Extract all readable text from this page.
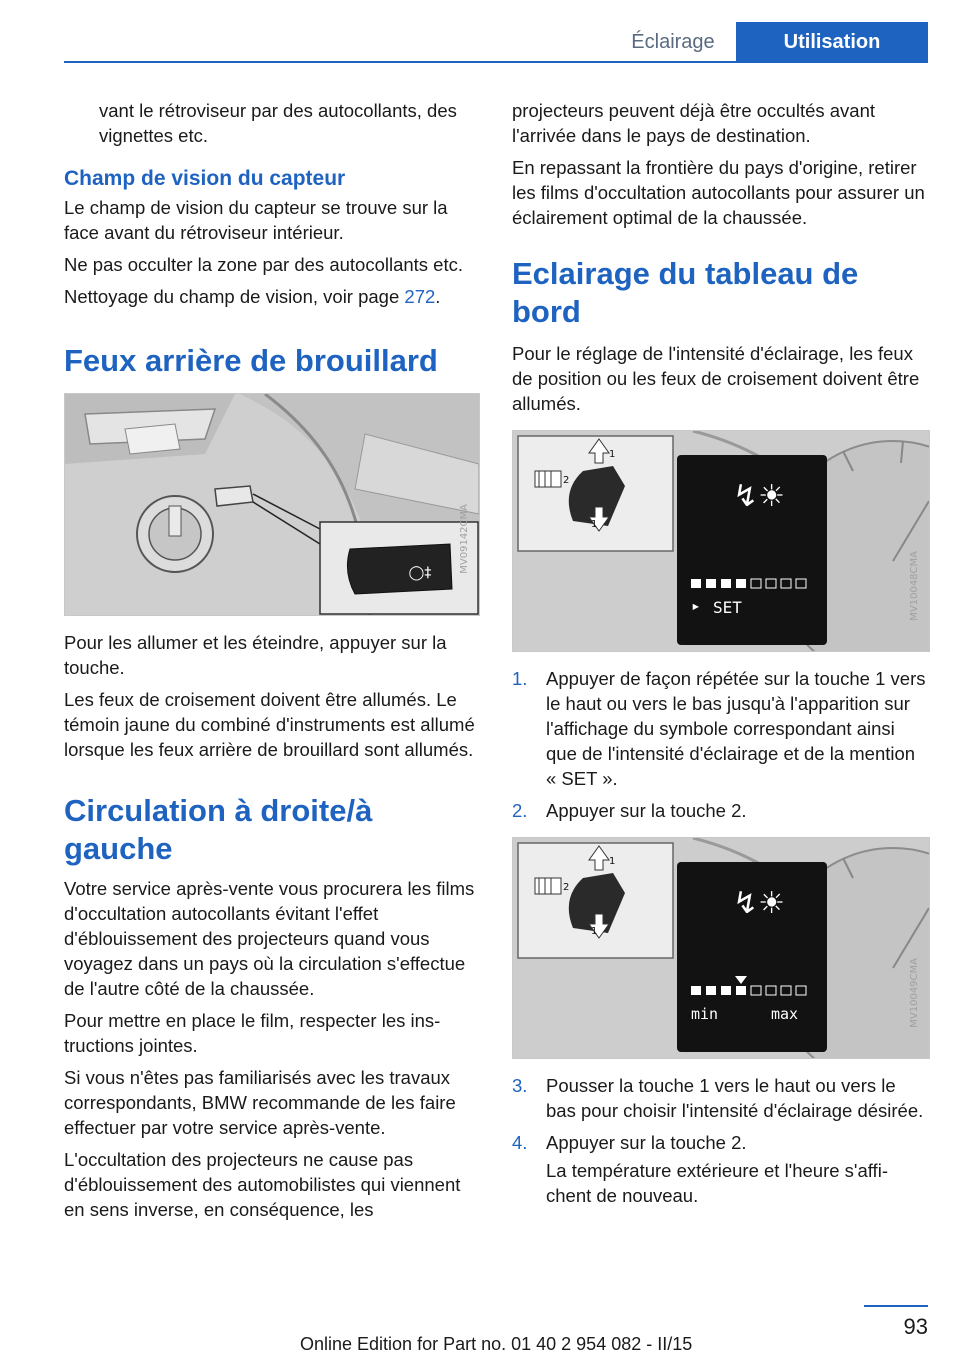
Éclairage	Utilisation

vant le rétroviseur par des autocollants, des vignettes etc.

Champ de vision du capteur

Le champ de vision du capteur se trouve sur la face avant du rétroviseur intérieur.

Ne pas occulter la zone par des autocollants etc.

Nettoyage du champ de vision, voir page 272.

Feux arrière de brouillard
◯‡	MV09142CMA

Pour les allumer et les éteindre, appuyer sur la touche.

Les feux de croisement doivent être allumés. Le témoin jaune du combiné d'instruments est allumé lorsque les feux arrière de brouillard sont allumés.

Circulation à droite/à gauche

Votre service après-vente vous procurera les films d'occultation autocollants évitant l'effet d'éblouissement des projecteurs quand vous voyagez dans un pays où la circulation s'effectue de l'autre côté de la chaussée.

Pour mettre en place le film, respecter les instructions jointes.

Si vous n'êtes pas familiarisés avec les travaux correspondants, BMW recommande de les faire effectuer par votre service après-vente.

L'occultation des projecteurs ne cause pas d'éblouissement des automobilistes qui viennent en sens inverse, en conséquence, les

projecteurs peuvent déjà être occultés avant l'arrivée dans le pays de destination.

En repassant la frontière du pays d'origine, retirer les films d'occultation autocollants pour assurer un éclairement optimal de la chaussée.

Eclairage du tableau de bord

Pour le réglage de l'intensité d'éclairage, les feux de position ou les feux de croisement doivent être allumés.

1
2
1
↯☀
▸ SET	MV10048CMA
1.	Appuyer de façon répétée sur la touche 1 vers le haut ou vers le bas jusqu'à l'apparition sur l'affichage du symbole correspondant ainsi que de l'intensité d'éclairage et de la mention « SET ».
2.	Appuyer sur la touche 2.
1
2
1
↯☀
min	max	MV10049CMA
3.	Pousser la touche 1 vers le haut ou vers le bas pour choisir l'intensité d'éclairage désirée.
4.	Appuyer sur la touche 2.
La température extérieure et l'heure s'affichent de nouveau.
93
Online Edition for Part no. 01 40 2 954 082 - II/15
